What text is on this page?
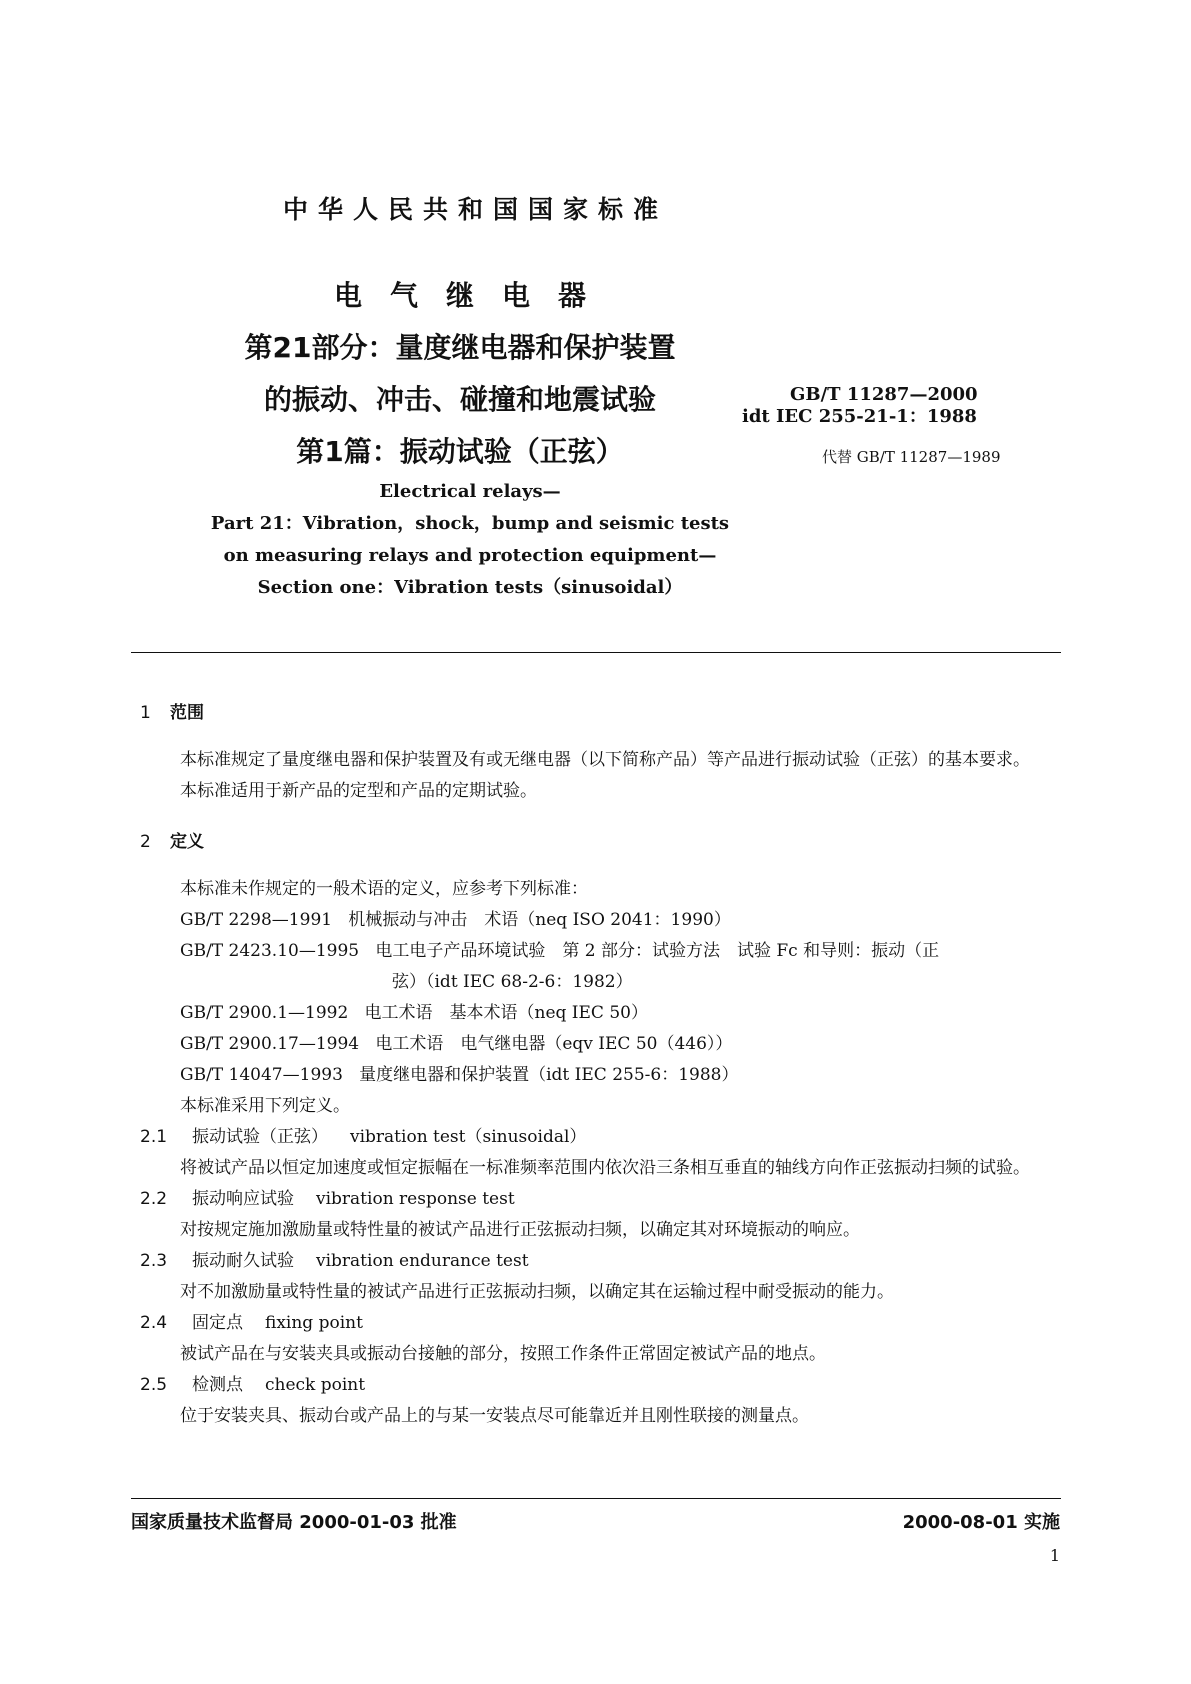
中华人民共和国国家标准
电气继电器
第21部分：量度继电器和保护装置
的振动、冲击、碰撞和地震试验
第1篇：振动试验（正弦）
GB/T 11287—2000
idt IEC 255-21-1：1988
代替 GB/T 11287—1989
Electrical relays—
Part 21：Vibration，shock，bump and seismic tests
on measuring relays and protection equipment—
Section one：Vibration tests（sinusoidal）
1 范围
本标准规定了量度继电器和保护装置及有或无继电器（以下简称产品）等产品进行振动试验（正弦）的基本要求。
本标准适用于新产品的定型和产品的定期试验。
2 定义
本标准未作规定的一般术语的定义，应参考下列标准：
GB/T 2298—1991 机械振动与冲击　术语（neq ISO 2041：1990）
GB/T 2423.10—1995 电工电子产品环境试验　第 2 部分：试验方法　试验 Fc 和导则：振动（正
弦）（idt IEC 68-2-6：1982）
GB/T 2900.1—1992 电工术语　基本术语（neq IEC 50）
GB/T 2900.17—1994 电工术语　电气继电器（eqv IEC 50（446））
GB/T 14047—1993 量度继电器和保护装置（idt IEC 255-6：1988）
本标准采用下列定义。
2.1 振动试验（正弦） vibration test（sinusoidal）
将被试产品以恒定加速度或恒定振幅在一标准频率范围内依次沿三条相互垂直的轴线方向作正弦振动扫频的试验。
2.2 振动响应试验 vibration response test
对按规定施加激励量或特性量的被试产品进行正弦振动扫频，以确定其对环境振动的响应。
2.3 振动耐久试验 vibration endurance test
对不加激励量或特性量的被试产品进行正弦振动扫频，以确定其在运输过程中耐受振动的能力。
2.4 固定点 fixing point
被试产品在与安装夹具或振动台接触的部分，按照工作条件正常固定被试产品的地点。
2.5 检测点 check point
位于安装夹具、振动台或产品上的与某一安装点尽可能靠近并且刚性联接的测量点。
国家质量技术监督局 2000-01-03 批准	2000-08-01 实施
1
